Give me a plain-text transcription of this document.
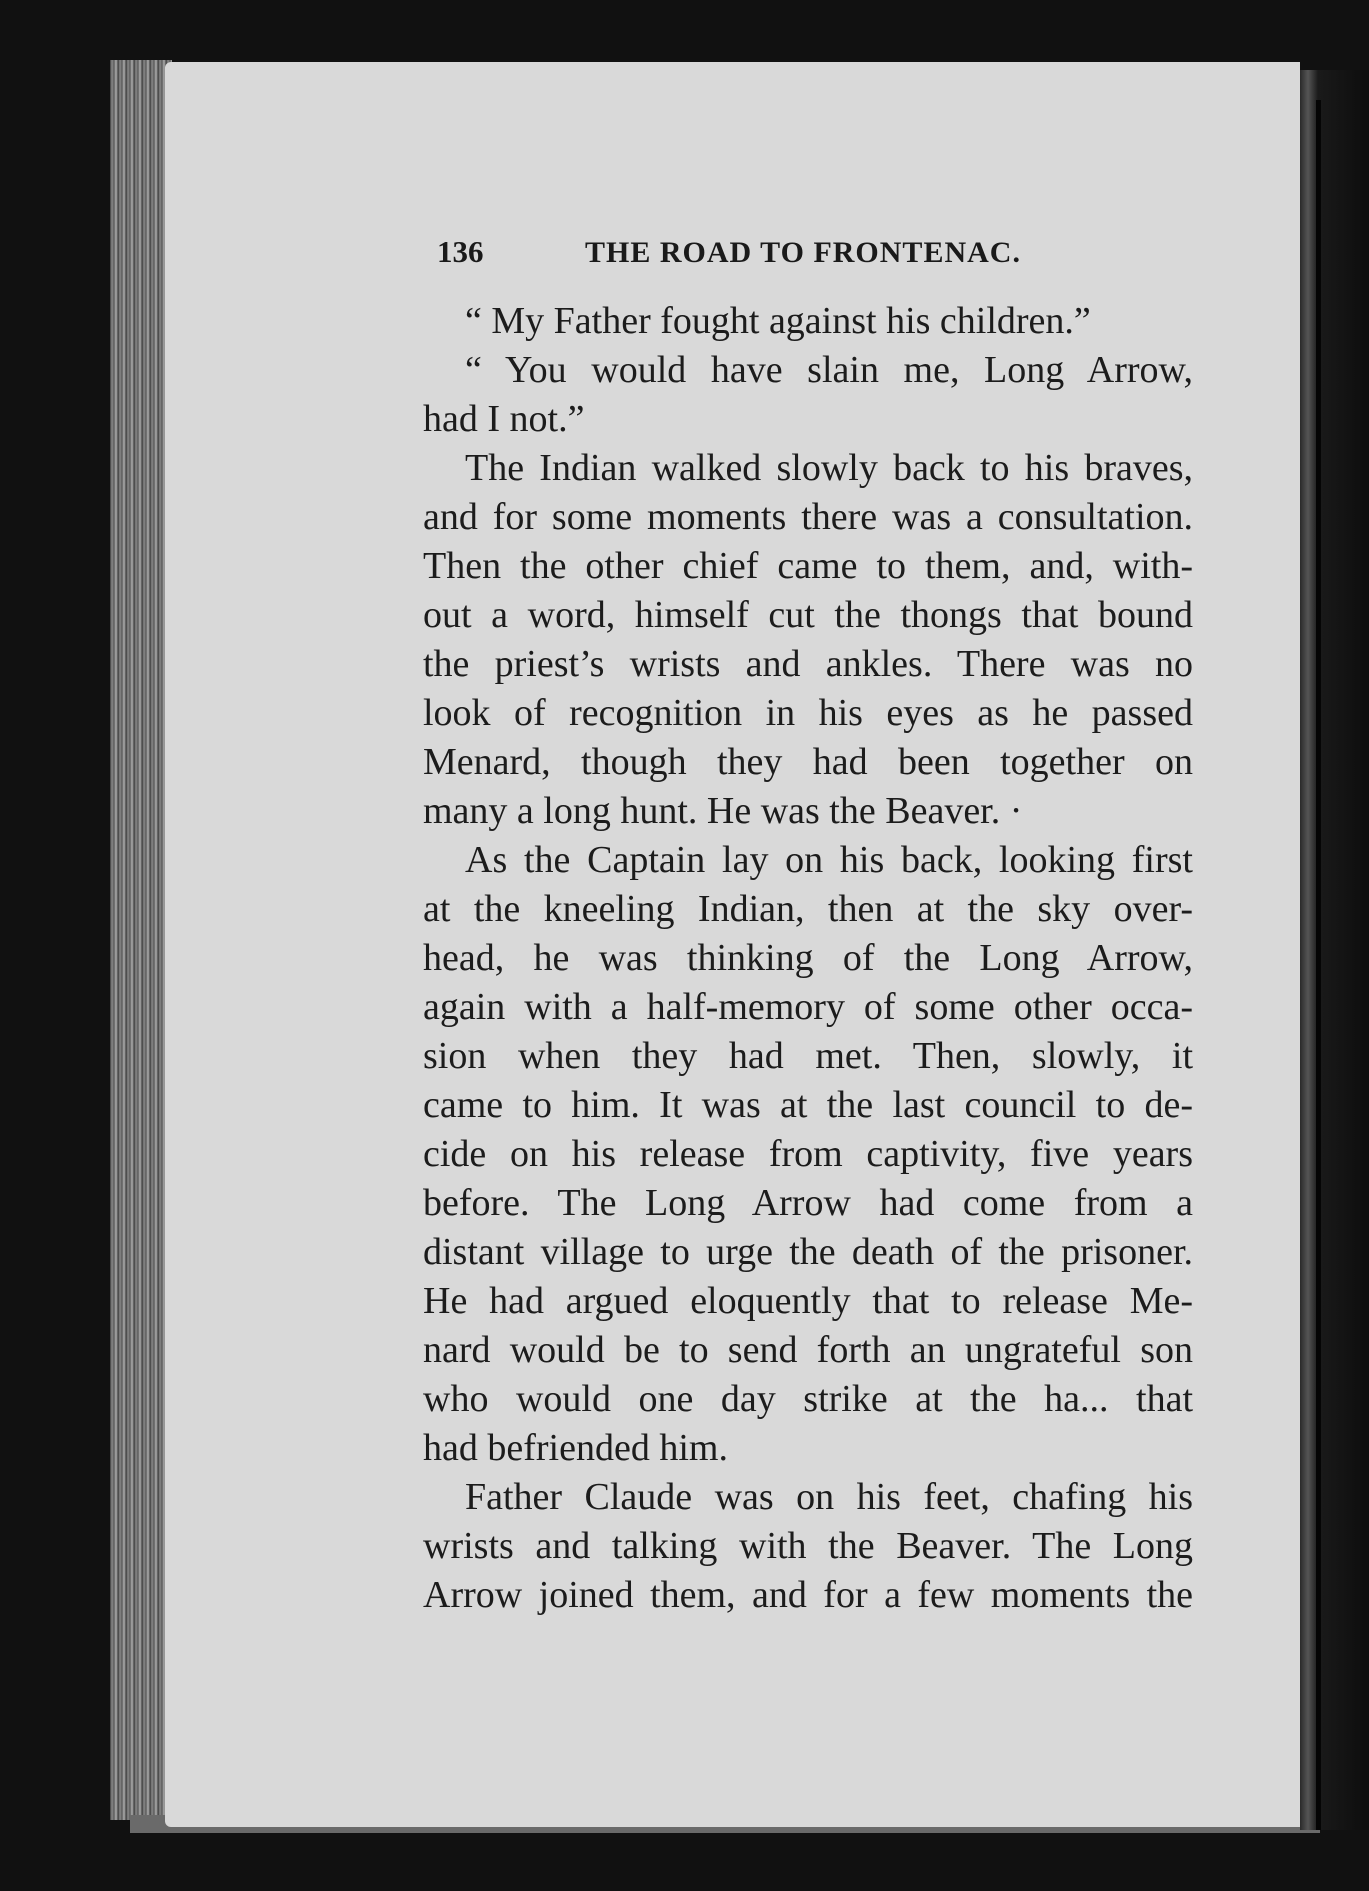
136	THE ROAD TO FRONTENAC.
“ My Father fought against his children.”
“ You would have slain me, Long Arrow,
had I not.”
The Indian walked slowly back to his braves,
and for some moments there was a consultation.
Then the other chief came to them, and, with-
out a word, himself cut the thongs that bound
the priest’s wrists and ankles. There was no
look of recognition in his eyes as he passed
Menard, though they had been together on
many a long hunt. He was the Beaver. ·
As the Captain lay on his back, looking first
at the kneeling Indian, then at the sky over-
head, he was thinking of the Long Arrow,
again with a half-memory of some other occa-
sion when they had met. Then, slowly, it
came to him. It was at the last council to de-
cide on his release from captivity, five years
before. The Long Arrow had come from a
distant village to urge the death of the prisoner.
He had argued eloquently that to release Me-
nard would be to send forth an ungrateful son
who would one day strike at the ha... that
had befriended him.
Father Claude was on his feet, chafing his
wrists and talking with the Beaver. The Long
Arrow joined them, and for a few moments the
